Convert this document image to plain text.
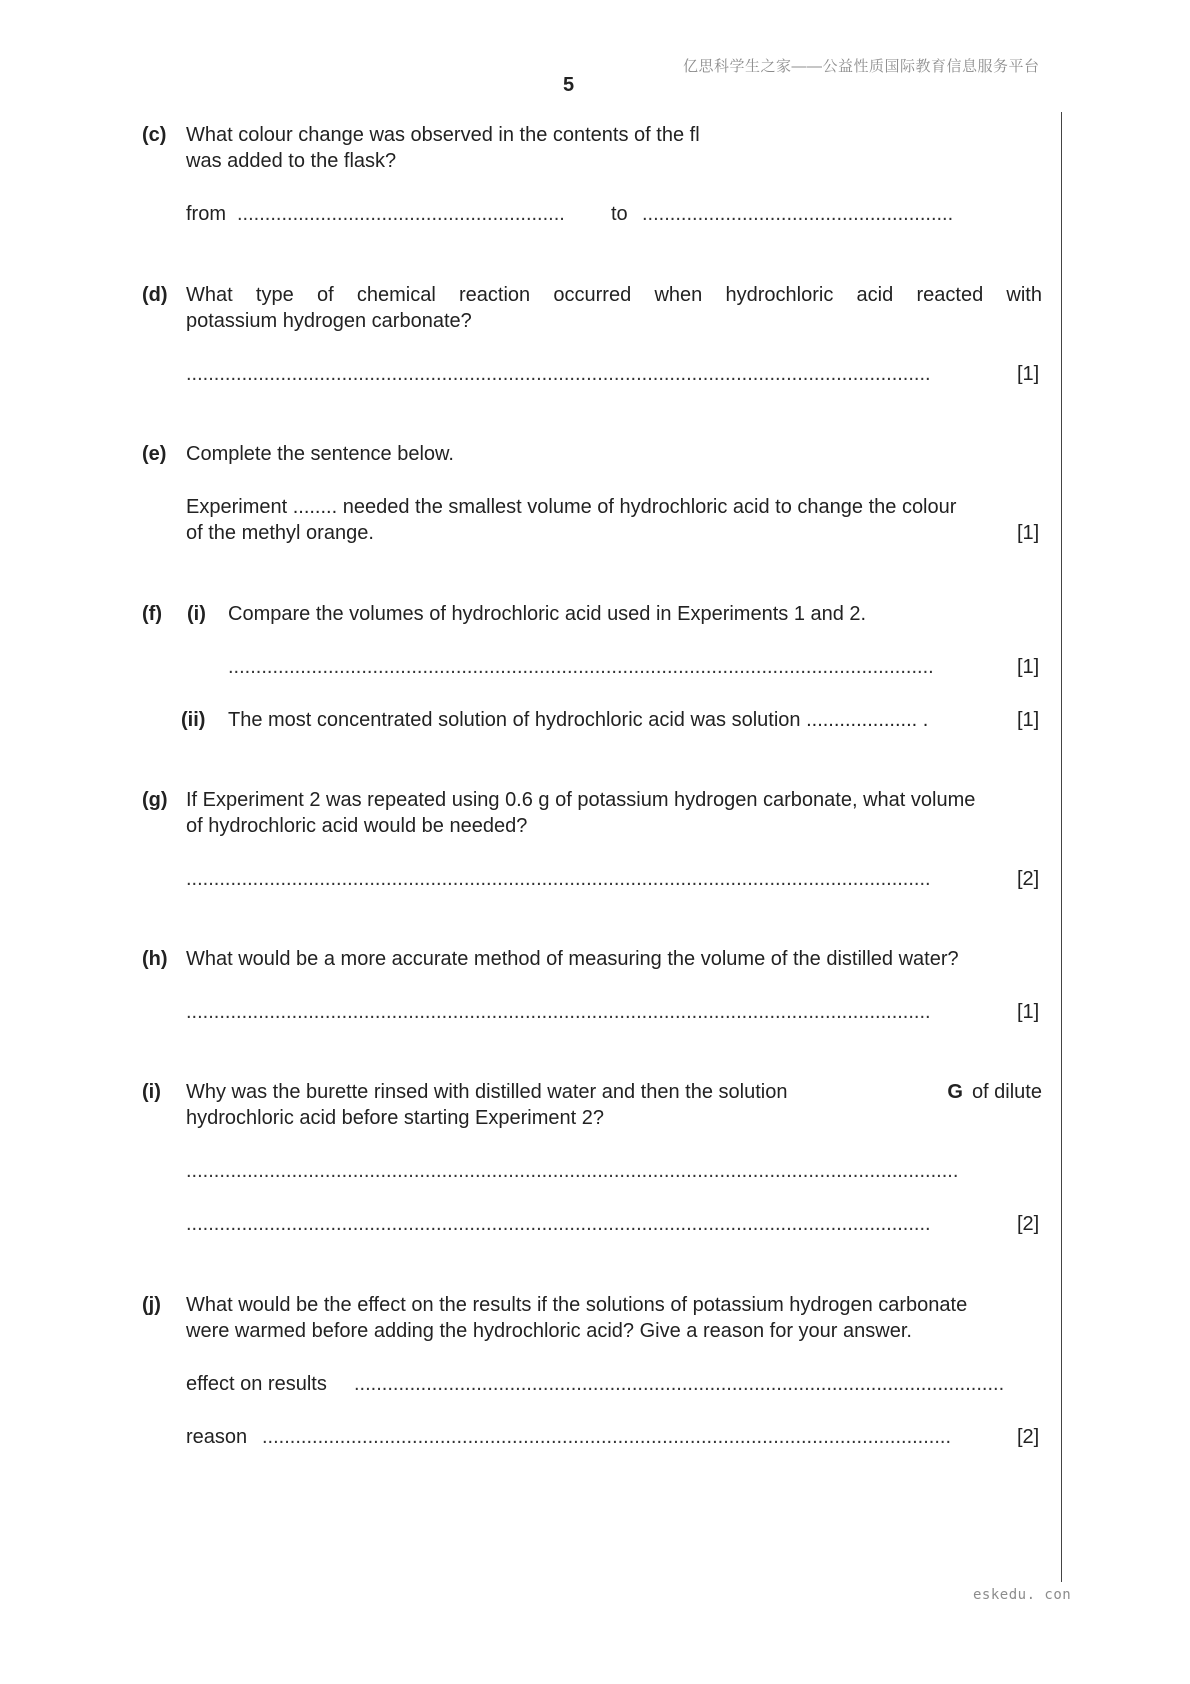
亿思科学生之家——公益性质国际教育信息服务平台
5
(c) What colour change was observed in the contents of the fl
was added to the flask?
from ........................................................... to ........................................................
(d) What type of chemical reaction occurred when hydrochloric acid reacted with
potassium hydrogen carbonate?
......................................................................................................................................	[1]
(e) Complete the sentence below.
Experiment ........ needed the smallest volume of hydrochloric acid to change the colour
of the methyl orange.	[1]
(f) (i) Compare the volumes of hydrochloric acid used in Experiments 1 and 2.
...............................................................................................................................	[1]
(ii) The most concentrated solution of hydrochloric acid was solution .................... .	[1]
(g) If Experiment 2 was repeated using 0.6 g of potassium hydrogen carbonate, what volume
of hydrochloric acid would be needed?
......................................................................................................................................	[2]
(h) What would be a more accurate method of measuring the volume of the distilled water?
......................................................................................................................................	[1]
(i) Why was the burette rinsed with distilled water and then the solution	G of dilute
hydrochloric acid before starting Experiment 2?
...........................................................................................................................................
......................................................................................................................................	[2]
(j) What would be the effect on the results if the solutions of potassium hydrogen carbonate
were warmed before adding the hydrochloric acid? Give a reason for your answer.
effect on results .....................................................................................................................
reason ............................................................................................................................	[2]
eskedu. con
